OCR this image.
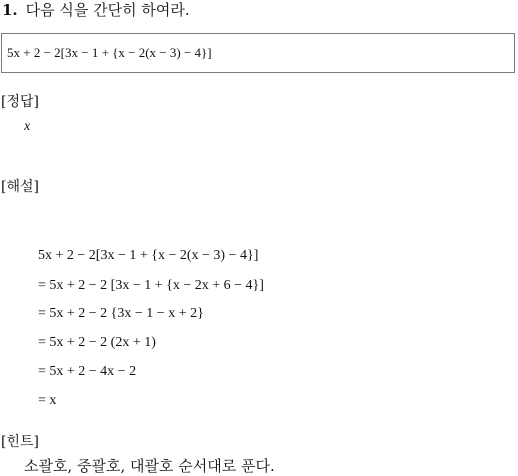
1. 다음 식을 간단히 하여라.
5x + 2 − 2[3x − 1 + {x − 2(x − 3) − 4}]
[정답]
x
[해설]
5x + 2 − 2[3x − 1 + {x − 2(x − 3) − 4}]
= 5x + 2 − 2 [3x − 1 + {x − 2x + 6 − 4}]
= 5x + 2 − 2 {3x − 1 − x + 2}
= 5x + 2 − 2 (2x + 1)
= 5x + 2 − 4x − 2
= x
[힌트]
소괄호, 중괄호, 대괄호 순서대로 푼다.
